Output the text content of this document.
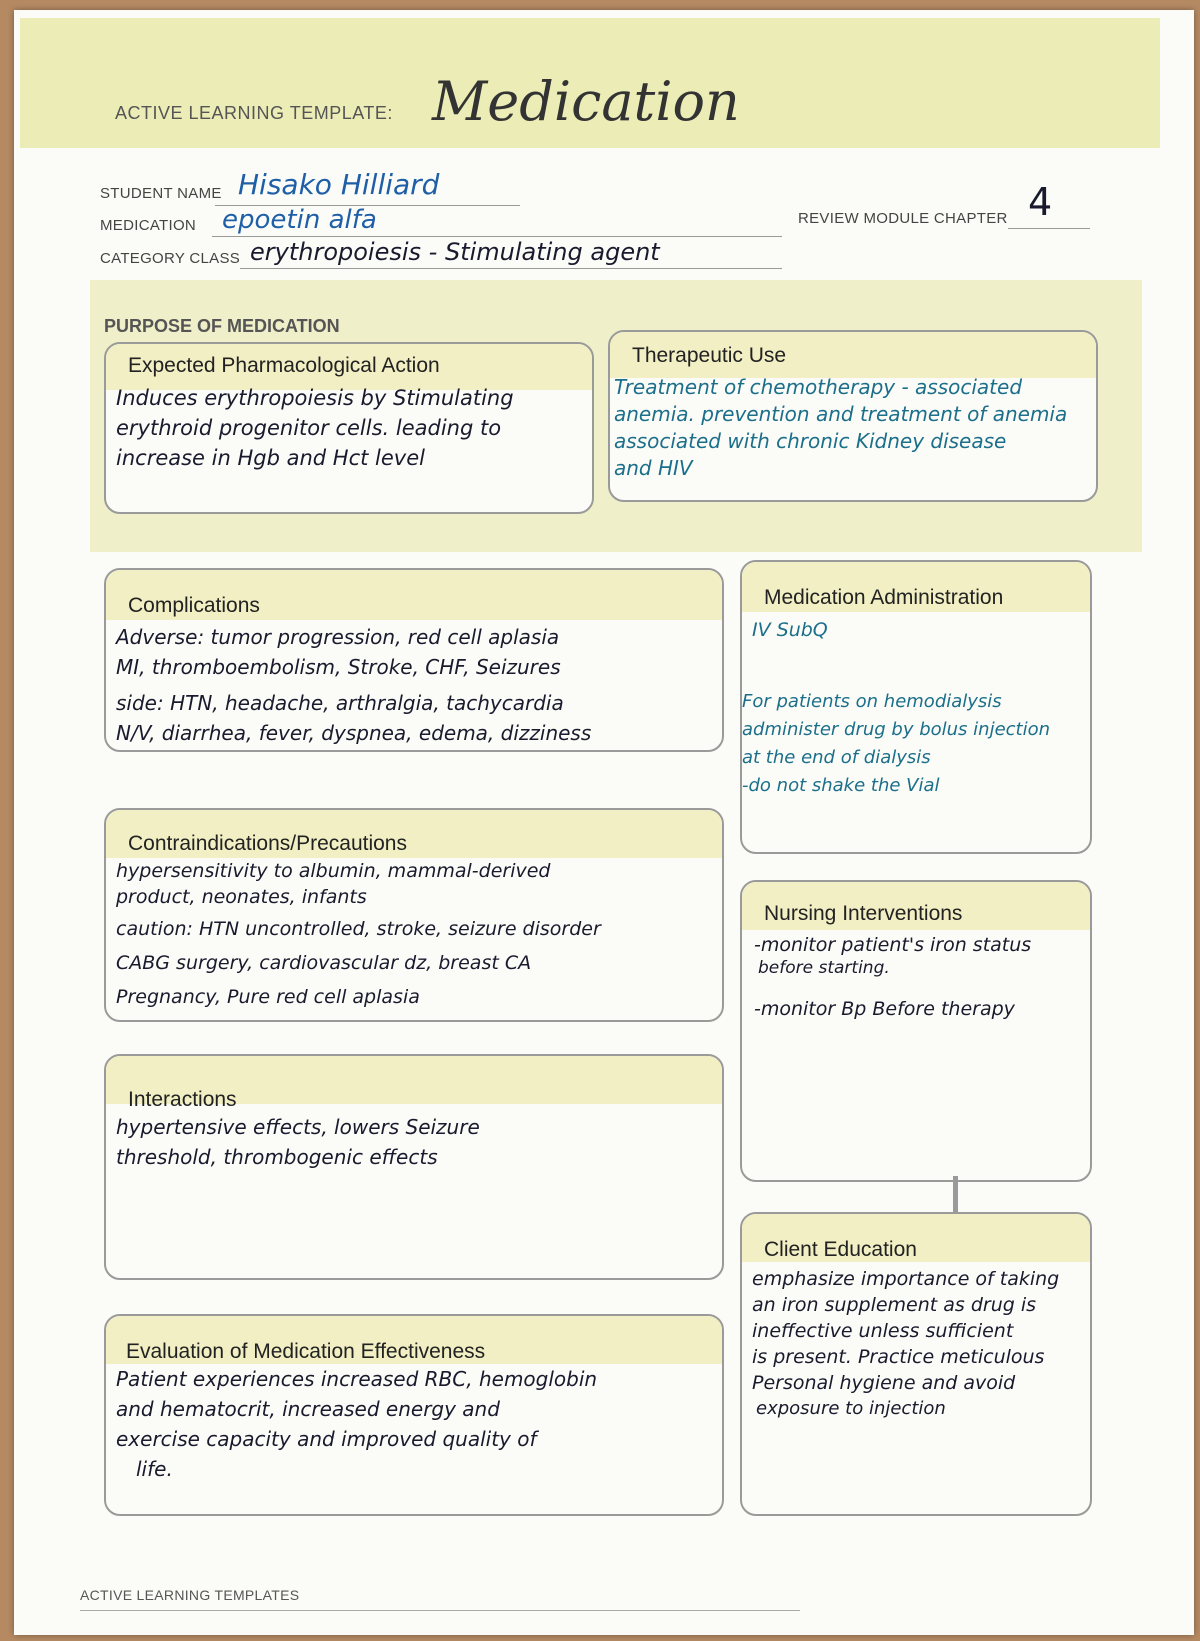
ACTIVE LEARNING TEMPLATE: Medication
STUDENT NAME Hisako Hilliard
MEDICATION epoetin alfa
CATEGORY CLASS erythropoiesis - Stimulating agent
REVIEW MODULE CHAPTER 4
PURPOSE OF MEDICATION
Expected Pharmacological Action
Induces erythropoiesis by Stimulating
erythroid progenitor cells. leading to
increase in Hgb and Hct level
Therapeutic Use
Treatment of chemotherapy - associated
anemia. prevention and treatment of anemia
associated with chronic Kidney disease
and HIV
Complications
Adverse: tumor progression, red cell aplasia
MI, thromboembolism, Stroke, CHF, Seizures
side: HTN, headache, arthralgia, tachycardia
N/V, diarrhea, fever, dyspnea, edema, dizziness
Medication Administration
IV SubQ
For patients on hemodialysis
administer drug by bolus injection
at the end of dialysis
-do not shake the Vial
Contraindications/Precautions
hypersensitivity to albumin, mammal-derived
product, neonates, infants
caution: HTN uncontrolled, stroke, seizure disorder
CABG surgery, cardiovascular dz, breast CA
Pregnancy, Pure red cell aplasia
Nursing Interventions
-monitor patient's iron status
before starting.
-monitor Bp Before therapy
Interactions
hypertensive effects, lowers Seizure
threshold, thrombogenic effects
Client Education
emphasize importance of taking
an iron supplement as drug is
ineffective unless sufficient
is present. Practice meticulous
Personal hygiene and avoid
exposure to injection
Evaluation of Medication Effectiveness
Patient experiences increased RBC, hemoglobin
and hematocrit, increased energy and
exercise capacity and improved quality of
life.
ACTIVE LEARNING TEMPLATES
